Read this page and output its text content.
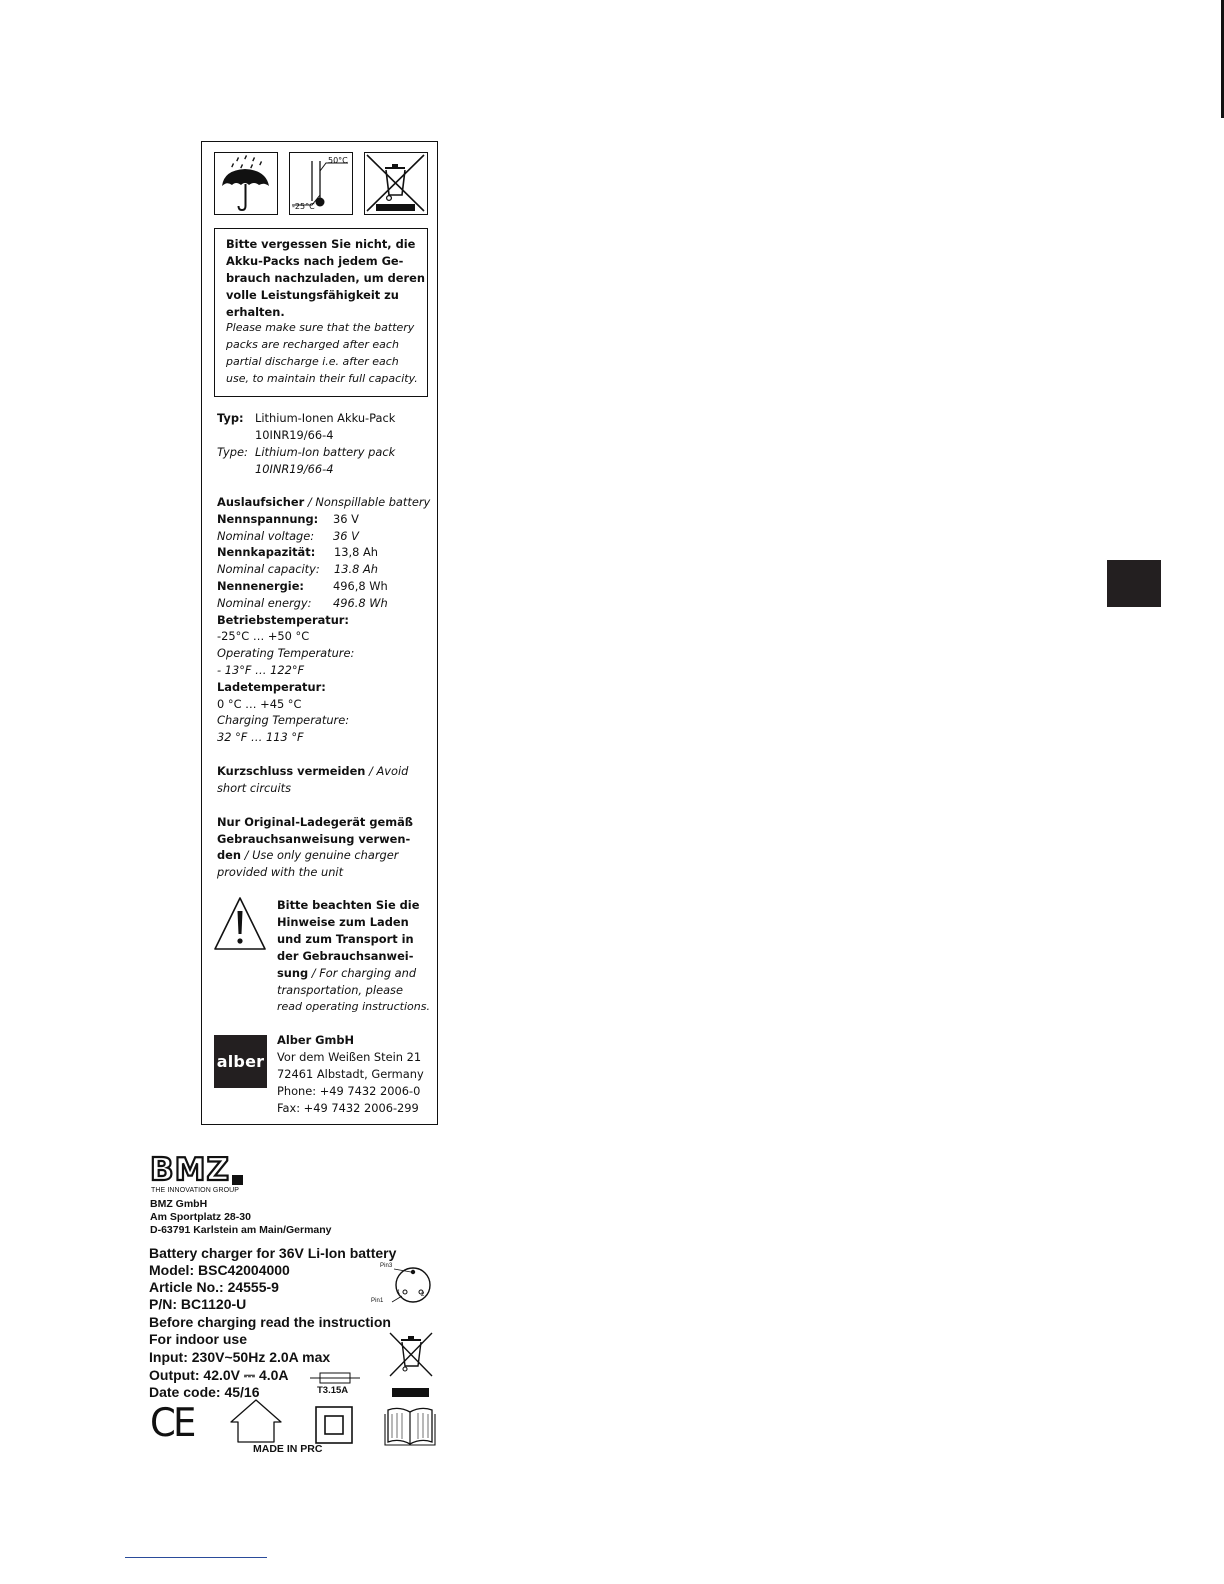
50°C
-25°C
Bitte vergessen Sie nicht, die
Akku-Packs nach jedem Ge-
brauch nachzuladen, um deren
volle Leistungsfähigkeit zu
erhalten.
Please make sure that the battery
packs are recharged after each
partial discharge i.e. after each
use, to maintain their full capacity.
Typ: Lithium-Ionen Akku-Pack
10INR19/66-4
Type: Lithium-Ion battery pack
10INR19/66-4
Auslaufsicher / Nonspillable battery
Nennspannung: 36 V
Nominal voltage: 36 V
Nennkapazität: 13,8 Ah
Nominal capacity: 13.8 Ah
Nennenergie:	496,8 Wh
Nominal energy: 496.8 Wh
Betriebstemperatur:
-25°C … +50 °C
Operating Temperature:
- 13°F … 122°F
Ladetemperatur:
0 °C … +45 °C
Charging Temperature:
32 °F … 113 °F
Kurzschluss vermeiden / Avoid
short circuits
Nur Original-Ladegerät gemäß
Gebrauchsanweisung verwen-
den / Use only genuine charger
provided with the unit
Bitte beachten Sie die
Hinweise zum Laden
und zum Transport in
der Gebrauchsanwei-
sung / For charging and
transportation, please
read operating instructions.
alber
Alber GmbH
Vor dem Weißen Stein 21
72461 Albstadt, Germany
Phone: +49 7432 2006-0
Fax: +49 7432 2006-299
BMZ
THE INNOVATION GROUP
BMZ GmbH
Am Sportplatz 28-30
D-63791 Karlstein am Main/Germany
Battery charger for 36V Li-Ion battery
Model: BSC42004000
Article No.: 24555-9
P/N: BC1120-U
Before charging read the instruction
For indoor use
Input: 230V~50Hz 2.0A max
Output: 42.0V ⎓ 4.0A
Date code: 45/16
Pin3
Pin1
1	2
T3.15A
CE
MADE IN PRC
